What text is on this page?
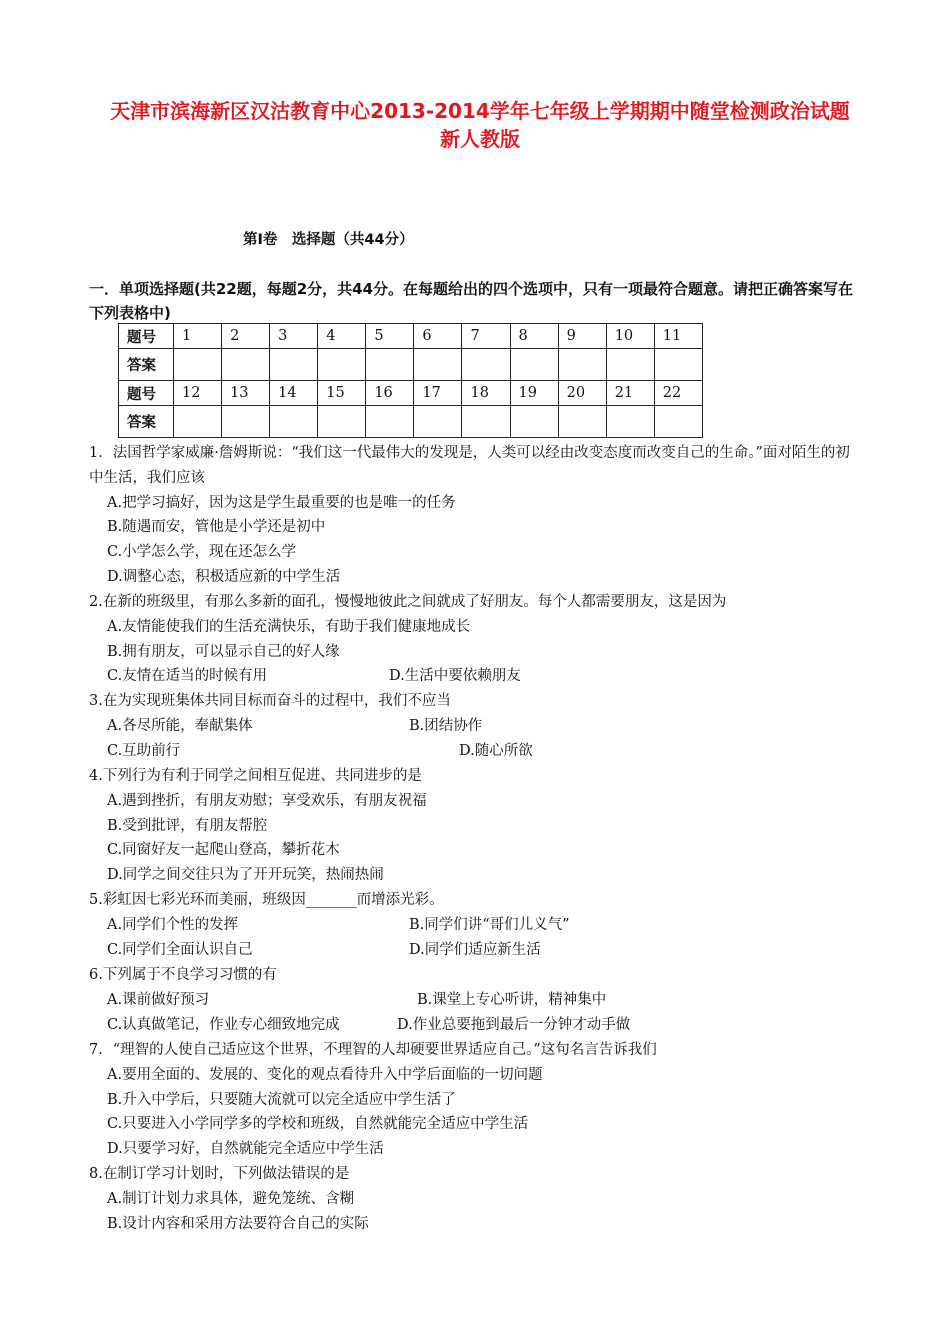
天津市滨海新区汉沽教育中心2013-2014学年七年级上学期期中随堂检测政治试题 新人教版
第Ⅰ卷　选择题（共44分）
一．单项选择题(共22题，每题2分，共44分。在每题给出的四个选项中，只有一项最符合题意。请把正确答案写在下列表格中)
题号	1	2	3	4	5	6	7	8	9	10	11
答案											
题号	12	13	14	15	16	17	18	19	20	21	22
答案											
1．法国哲学家威廉·詹姆斯说：“我们这一代最伟大的发现是，人类可以经由改变态度而改变自己的生命。”面对陌生的初中生活，我们应该
A.把学习搞好，因为这是学生最重要的也是唯一的任务
B.随遇而安，管他是小学还是初中
C.小学怎么学，现在还怎么学
D.调整心态，积极适应新的中学生活
2.在新的班级里，有那么多新的面孔，慢慢地彼此之间就成了好朋友。每个人都需要朋友，这是因为
A.友情能使我们的生活充满快乐，有助于我们健康地成长
B.拥有朋友，可以显示自己的好人缘
C.友情在适当的时候有用	D.生活中要依赖朋友
3.在为实现班集体共同目标而奋斗的过程中，我们不应当
A.各尽所能，奉献集体	B.团结协作
C.互助前行	D.随心所欲
4.下列行为有利于同学之间相互促进、共同进步的是
A.遇到挫折，有朋友劝慰；享受欢乐，有朋友祝福
B.受到批评，有朋友帮腔
C.同窗好友一起爬山登高，攀折花木
D.同学之间交往只为了开开玩笑，热闹热闹
5.彩虹因七彩光环而美丽，班级因_______而增添光彩。
A.同学们个性的发挥	B.同学们讲“哥们儿义气”
C.同学们全面认识自己	D.同学们适应新生活
6.下列属于不良学习习惯的有
A.课前做好预习	B.课堂上专心听讲，精神集中
C.认真做笔记，作业专心细致地完成	D.作业总要拖到最后一分钟才动手做
7．“理智的人使自己适应这个世界，不理智的人却硬要世界适应自己。”这句名言告诉我们
A.要用全面的、发展的、变化的观点看待升入中学后面临的一切问题
B.升入中学后，只要随大流就可以完全适应中学生活了
C.只要进入小学同学多的学校和班级，自然就能完全适应中学生活
D.只要学习好，自然就能完全适应中学生活
8.在制订学习计划时，下列做法错误的是
A.制订计划力求具体，避免笼统、含糊
B.设计内容和采用方法要符合自己的实际
